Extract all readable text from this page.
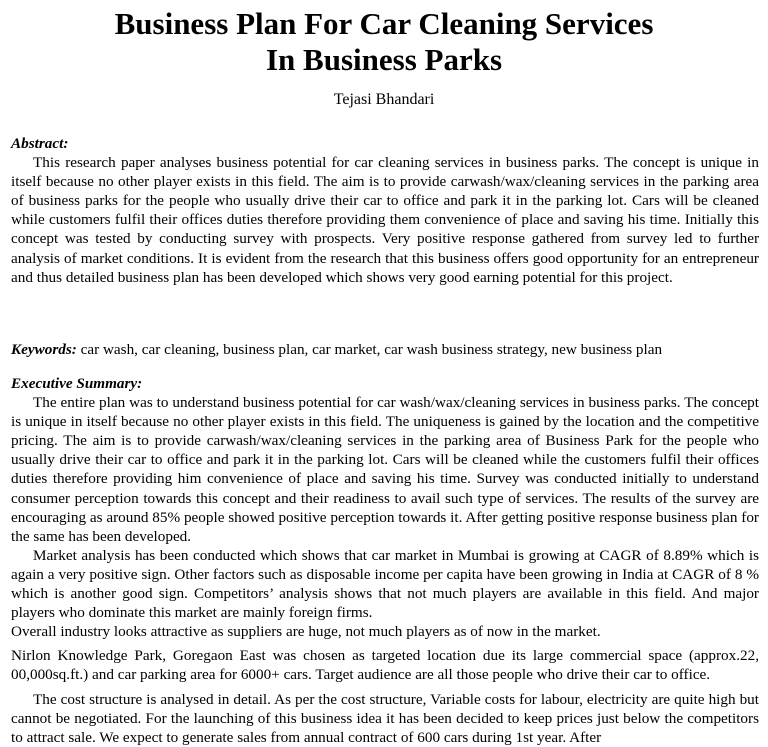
Business Plan For Car Cleaning Services
In Business Parks
Tejasi Bhandari
Abstract:

This research paper analyses business potential for car cleaning services in business parks. The concept is unique in itself because no other player exists in this field. The aim is to provide carwash/wax/cleaning services in the parking area of business parks for the people who usually drive their car to office and park it in the parking lot. Cars will be cleaned while customers fulfil their offices duties therefore providing them convenience of place and saving his time. Initially this concept was tested by conducting survey with prospects. Very positive response gathered from survey led to further analysis of market conditions. It is evident from the research that this business offers good opportunity for an entrepreneur and thus detailed business plan has been developed which shows very good earning potential for this project.

Keywords: car wash, car cleaning, business plan, car market, car wash business strategy, new business plan

Executive Summary:

The entire plan was to understand business potential for car wash/wax/cleaning services in business parks. The concept is unique in itself because no other player exists in this field. The uniqueness is gained by the location and the competitive pricing. The aim is to provide carwash/wax/cleaning services in the parking area of Business Park for the people who usually drive their car to office and park it in the parking lot. Cars will be cleaned while the customers fulfil their offices duties therefore providing him convenience of place and saving his time. Survey was conducted initially to understand consumer perception towards this concept and their readiness to avail such type of services. The results of the survey are encouraging as around 85% people showed positive perception towards it. After getting positive response business plan for the same has been developed.

Market analysis has been conducted which shows that car market in Mumbai is growing at CAGR of 8.89% which is again a very positive sign. Other factors such as disposable income per capita have been growing in India at CAGR of 8 % which is another good sign. Competitors’ analysis shows that not much players are available in this field. And major players who dominate this market are mainly foreign firms.

Overall industry looks attractive as suppliers are huge, not much players as of now in the market.

Nirlon Knowledge Park, Goregaon East was chosen as targeted location due its large commercial space (approx.22, 00,000sq.ft.) and car parking area for 6000+ cars. Target audience are all those people who drive their car to office.

The cost structure is analysed in detail. As per the cost structure, Variable costs for labour, electricity are quite high but cannot be negotiated. For the launching of this business idea it has been decided to keep prices just below the competitors to attract sale. We expect to generate sales from annual contract of 600 cars during 1st year. After
